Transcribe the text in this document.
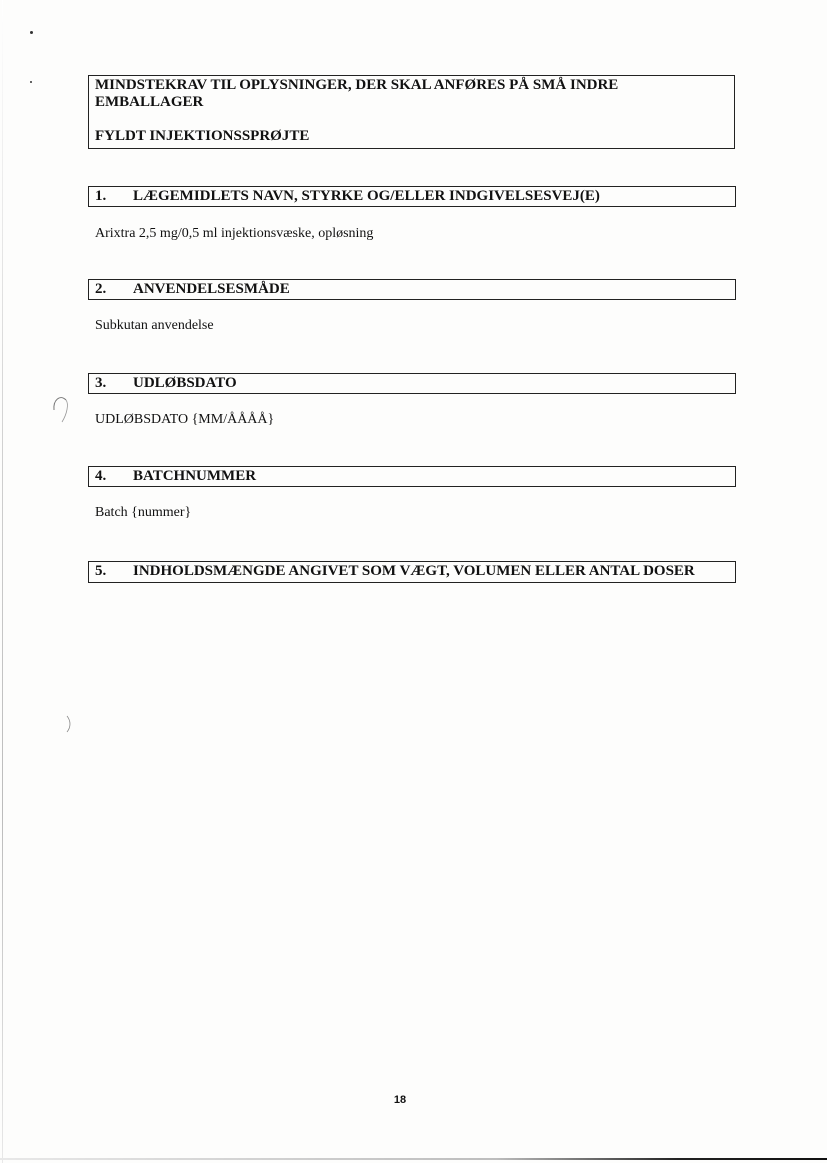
MINDSTEKRAV TIL OPLYSNINGER, DER SKAL ANFØRES PÅ SMÅ INDRE EMBALLAGER
FYLDT INJEKTIONSSPRØJTE
1. LÆGEMIDLETS NAVN, STYRKE OG/ELLER INDGIVELSESVEJ(E)
Arixtra 2,5 mg/0,5 ml injektionsvæske, opløsning
2. ANVENDELSESMÅDE
Subkutan anvendelse
3. UDLØBSDATO
UDLØBSDATO {MM/ÅÅÅÅ}
4. BATCHNUMMER
Batch {nummer}
5. INDHOLDSMÆNGDE ANGIVET SOM VÆGT, VOLUMEN ELLER ANTAL DOSER
18
